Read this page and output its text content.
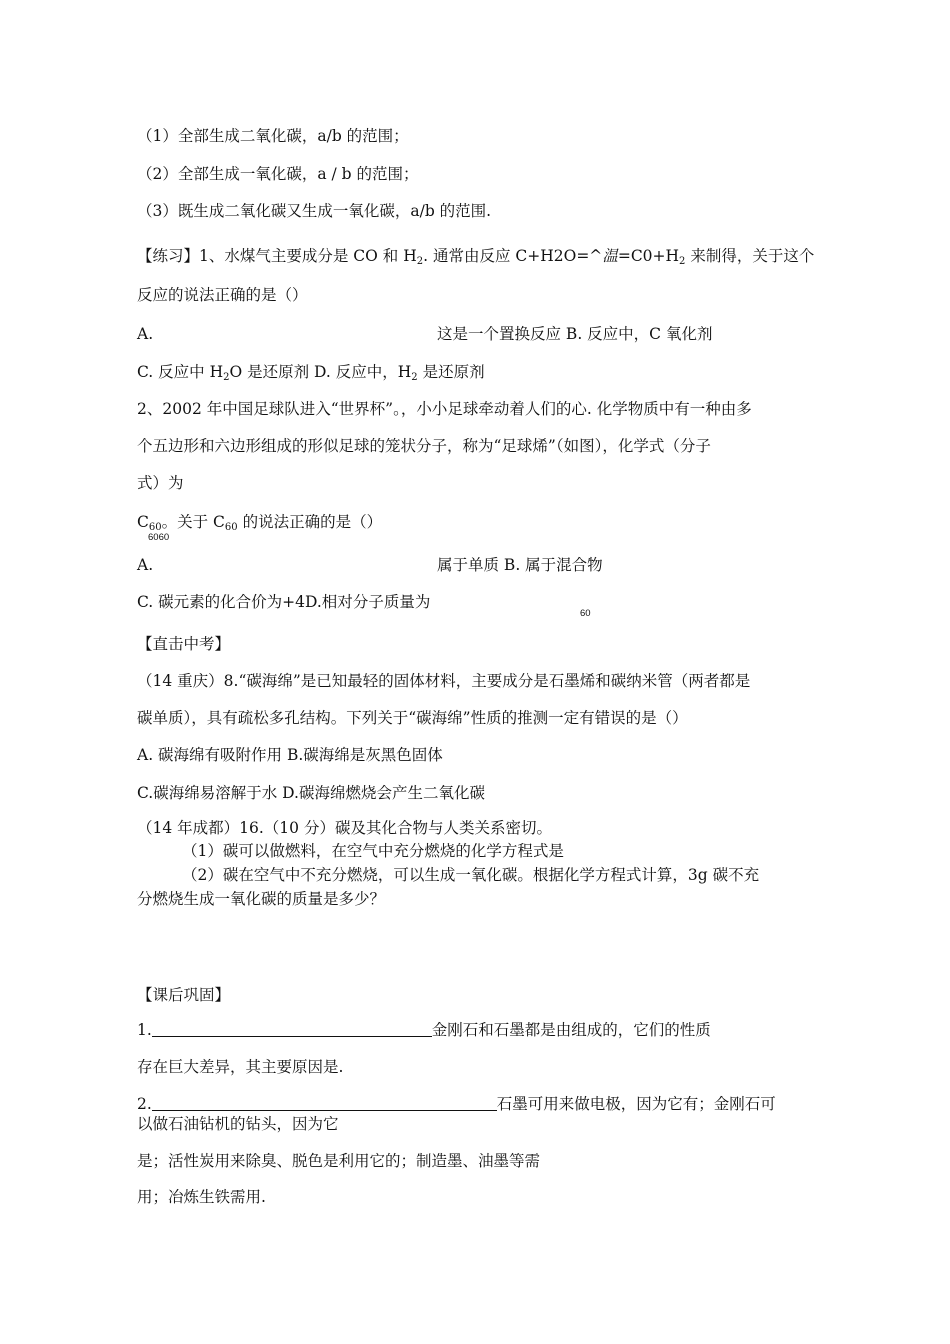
（1）全部生成二氧化碳，a/b 的范围；
（2）全部生成一氧化碳，a / b 的范围；
（3）既生成二氧化碳又生成一氧化碳，a/b 的范围.
【练习】1、水煤气主要成分是 CO 和 $H_2$. 通常由反应 C+H2O=^温$=C0+H_2$ 来制得，关于这个
反应的说法正确的是（）
A.	这是一个置换反应 B. 反应中，C 氧化剂
C. 反应中 $H_2O$ 是还原剂 D. 反应中，$H_2$ 是还原剂
2、2002 年中国足球队进入“世界杯”。，小小足球牵动着人们的心. 化学物质中有一种由多
个五边形和六边形组成的形似足球的笼状分子，称为“足球烯”（如图），化学式（分子
式）为
$C_{60}$。关于 $C_{60}$ 的说法正确的是（）
6060
A.	属于单质 B. 属于混合物
C. 碳元素的化合价为+4D.相对分子质量为
60
【直击中考】
（14 重庆）8.“碳海绵”是已知最轻的固体材料，主要成分是石墨烯和碳纳米管（两者都是
碳单质），具有疏松多孔结构。下列关于“碳海绵”性质的推测一定有错误的是（）
A. 碳海绵有吸附作用 B.碳海绵是灰黑色固体
C.碳海绵易溶解于水 D.碳海绵燃烧会产生二氧化碳
（14 年成都）16.（10 分）碳及其化合物与人类关系密切。
（1）碳可以做燃料，在空气中充分燃烧的化学方程式是
（2）碳在空气中不充分燃烧，可以生成一氧化碳。根据化学方程式计算，3g 碳不充
分燃烧生成一氧化碳的质量是多少？
【课后巩固】
1.	金刚石和石墨都是由组成的，它们的性质
存在巨大差异，其主要原因是.
2.	石墨可用来做电极，因为它有；金刚石可
以做石油钻机的钻头，因为它
是；活性炭用来除臭、脱色是利用它的；制造墨、油墨等需
用；冶炼生铁需用.
